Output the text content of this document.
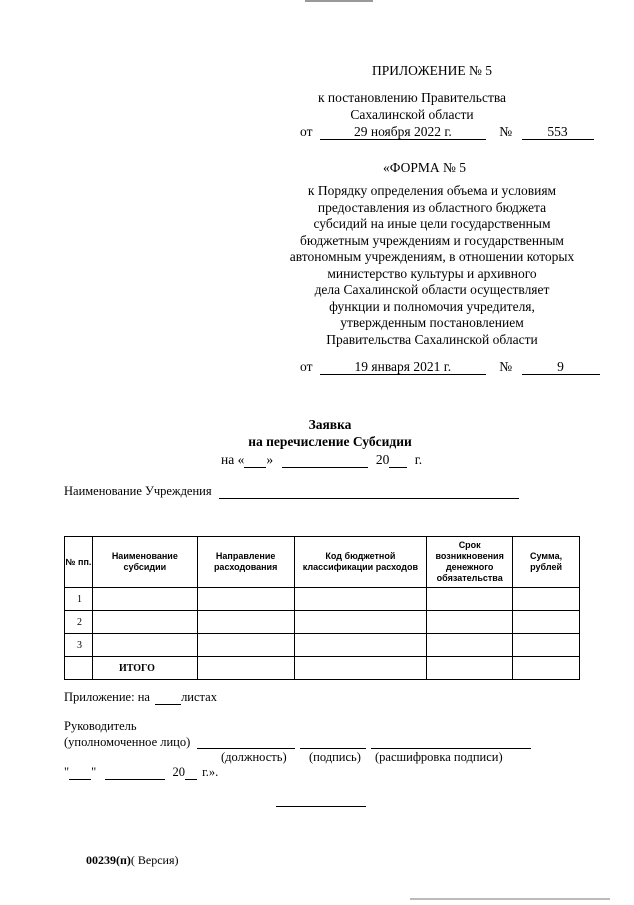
ПРИЛОЖЕНИЕ № 5
к постановлению Правительства
Сахалинской области
от	29 ноября 2022 г.	№	553
«ФОРМА № 5
к Порядку определения объема и условиям
предоставления из областного бюджета
субсидий на иные цели государственным
бюджетным учреждениям и государственным
автономным учреждениям, в отношении которых
министерство культуры и архивного
дела Сахалинской области осуществляет
функции и полномочия учредителя,
утвержденным постановлением
Правительства Сахалинской области
от	19 января 2021 г.	№	9
Заявка
на перечисление Субсидии
на « »	20 г.
Наименование Учреждения
№ пп.	Наименование субсидии	Направление расходования	Код бюджетной классификации расходов	Срок возникновения денежного обязательства	Сумма, рублей
1					
2					
3					
	ИТОГО				
Приложение: на листах
Руководитель
(уполномоченное лицо)
(должность) (подпись) (расшифровка подписи)
" "	20 г.».
00239(п)( Версия)
